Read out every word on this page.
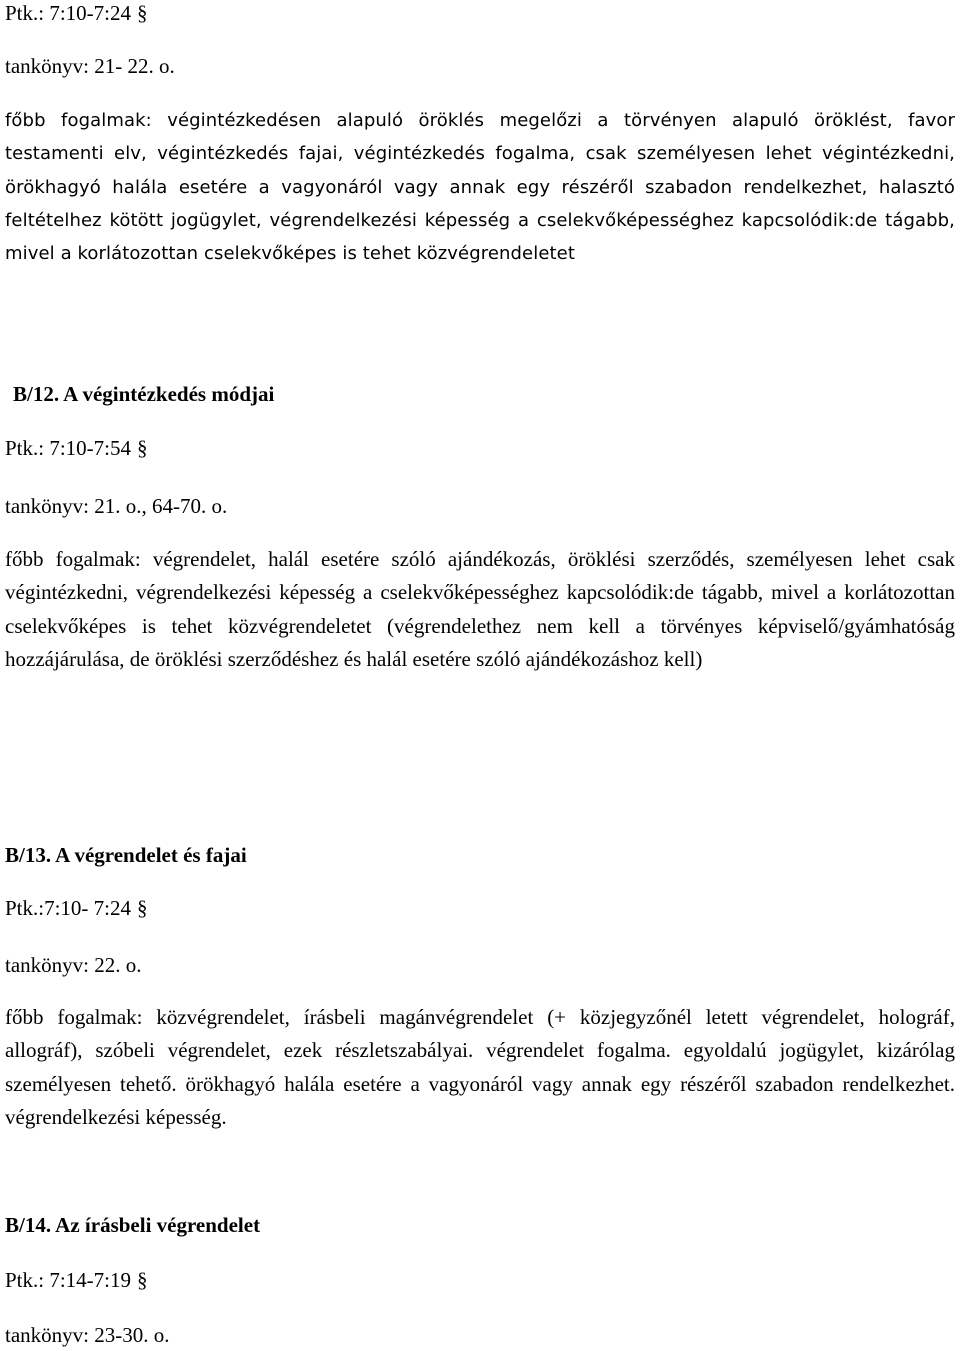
Ptk.: 7:10-7:24 §
tankönyv: 21- 22. o.
főbb fogalmak: végintézkedésen alapuló öröklés megelőzi a törvényen alapuló öröklést, favor testamenti elv, végintézkedés fajai, végintézkedés fogalma, csak személyesen lehet végintézkedni, örökhagyó halála esetére a vagyonáról vagy annak egy részéről szabadon rendelkezhet, halasztó feltételhez kötött jogügylet, végrendelkezési képesség a cselekvőképességhez kapcsolódik:de tágabb, mivel a korlátozottan cselekvőképes is tehet közvégrendeletet
B/12. A végintézkedés módjai
Ptk.: 7:10-7:54 §
tankönyv: 21. o., 64-70. o.
főbb fogalmak: végrendelet, halál esetére szóló ajándékozás, öröklési szerződés, személyesen lehet csak végintézkedni, végrendelkezési képesség a cselekvőképességhez kapcsolódik:de tágabb, mivel a korlátozottan cselekvőképes is tehet közvégrendeletet (végrendelethez nem kell a törvényes képviselő/gyámhatóság hozzájárulása, de öröklési szerződéshez és halál esetére szóló ajándékozáshoz kell)
B/13. A végrendelet és fajai
Ptk.:7:10- 7:24 §
tankönyv: 22. o.
főbb fogalmak: közvégrendelet, írásbeli magánvégrendelet (+ közjegyzőnél letett végrendelet, holográf, allográf), szóbeli végrendelet, ezek részletszabályai. végrendelet fogalma. egyoldalú jogügylet, kizárólag személyesen tehető. örökhagyó halála esetére a vagyonáról vagy annak egy részéről szabadon rendelkezhet. végrendelkezési képesség.
B/14. Az írásbeli végrendelet
Ptk.: 7:14-7:19 §
tankönyv: 23-30. o.
